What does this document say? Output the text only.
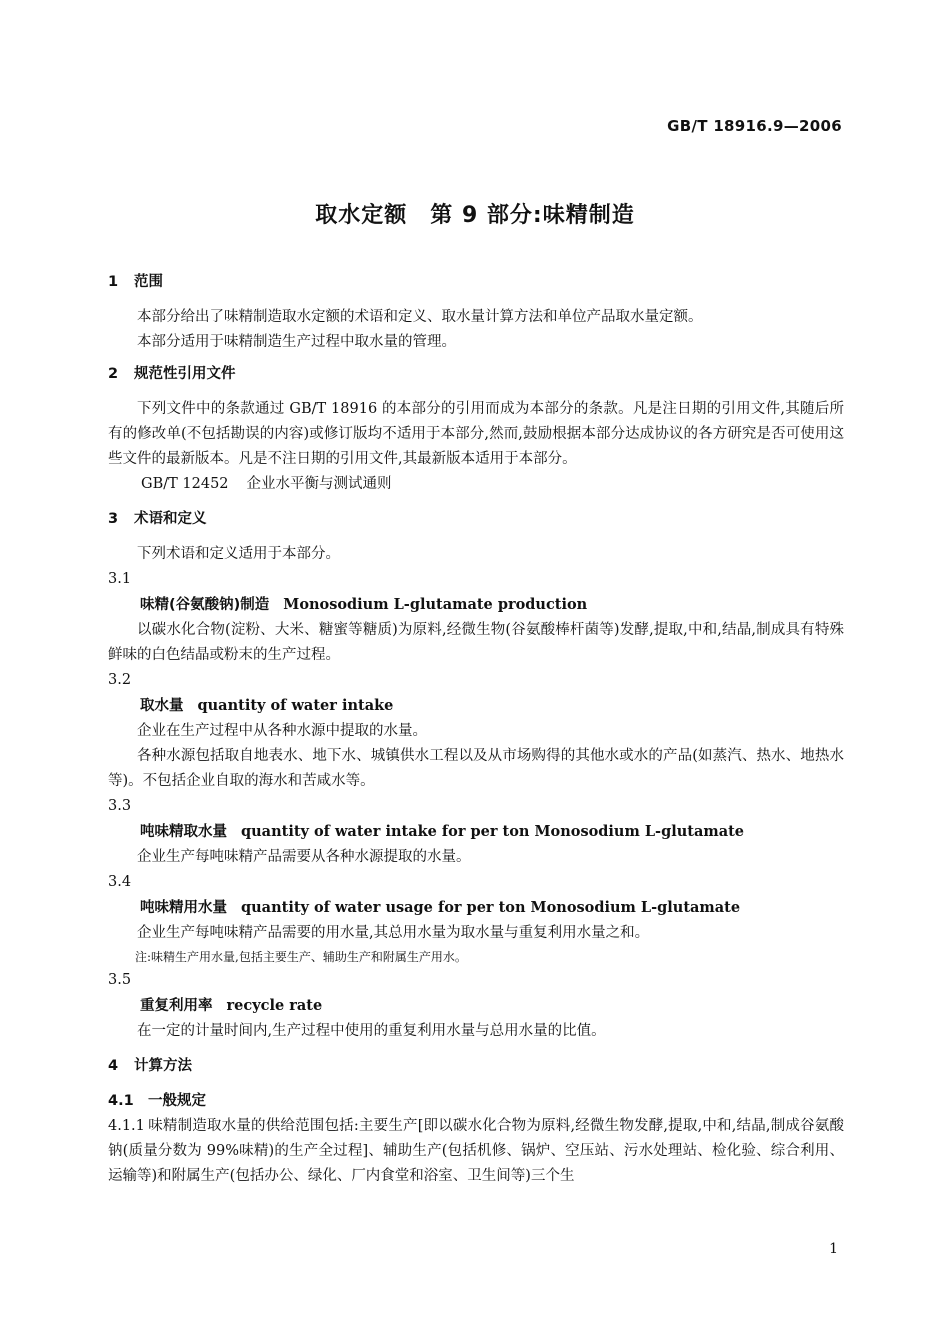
GB/T 18916.9—2006
取水定额　第 9 部分:味精制造
1 范围
本部分给出了味精制造取水定额的术语和定义、取水量计算方法和单位产品取水量定额。
本部分适用于味精制造生产过程中取水量的管理。
2 规范性引用文件
下列文件中的条款通过 GB/T 18916 的本部分的引用而成为本部分的条款。凡是注日期的引用文件,其随后所有的修改单(不包括勘误的内容)或修订版均不适用于本部分,然而,鼓励根据本部分达成协议的各方研究是否可使用这些文件的最新版本。凡是不注日期的引用文件,其最新版本适用于本部分。
GB/T 12452 企业水平衡与测试通则
3 术语和定义
下列术语和定义适用于本部分。
3.1
味精(谷氨酸钠)制造 Monosodium L-glutamate production
以碳水化合物(淀粉、大米、糖蜜等糖质)为原料,经微生物(谷氨酸棒杆菌等)发酵,提取,中和,结晶,制成具有特殊鲜味的白色结晶或粉末的生产过程。
3.2
取水量 quantity of water intake
企业在生产过程中从各种水源中提取的水量。
各种水源包括取自地表水、地下水、城镇供水工程以及从市场购得的其他水或水的产品(如蒸汽、热水、地热水等)。不包括企业自取的海水和苦咸水等。
3.3
吨味精取水量 quantity of water intake for per ton Monosodium L-glutamate
企业生产每吨味精产品需要从各种水源提取的水量。
3.4
吨味精用水量 quantity of water usage for per ton Monosodium L-glutamate
企业生产每吨味精产品需要的用水量,其总用水量为取水量与重复利用水量之和。
注:味精生产用水量,包括主要生产、辅助生产和附属生产用水。
3.5
重复利用率 recycle rate
在一定的计量时间内,生产过程中使用的重复利用水量与总用水量的比值。
4 计算方法
4.1 一般规定
4.1.1 味精制造取水量的供给范围包括:主要生产[即以碳水化合物为原料,经微生物发酵,提取,中和,结晶,制成谷氨酸钠(质量分数为 99%味精)的生产全过程]、辅助生产(包括机修、锅炉、空压站、污水处理站、检化验、综合利用、运输等)和附属生产(包括办公、绿化、厂内食堂和浴室、卫生间等)三个生
1
